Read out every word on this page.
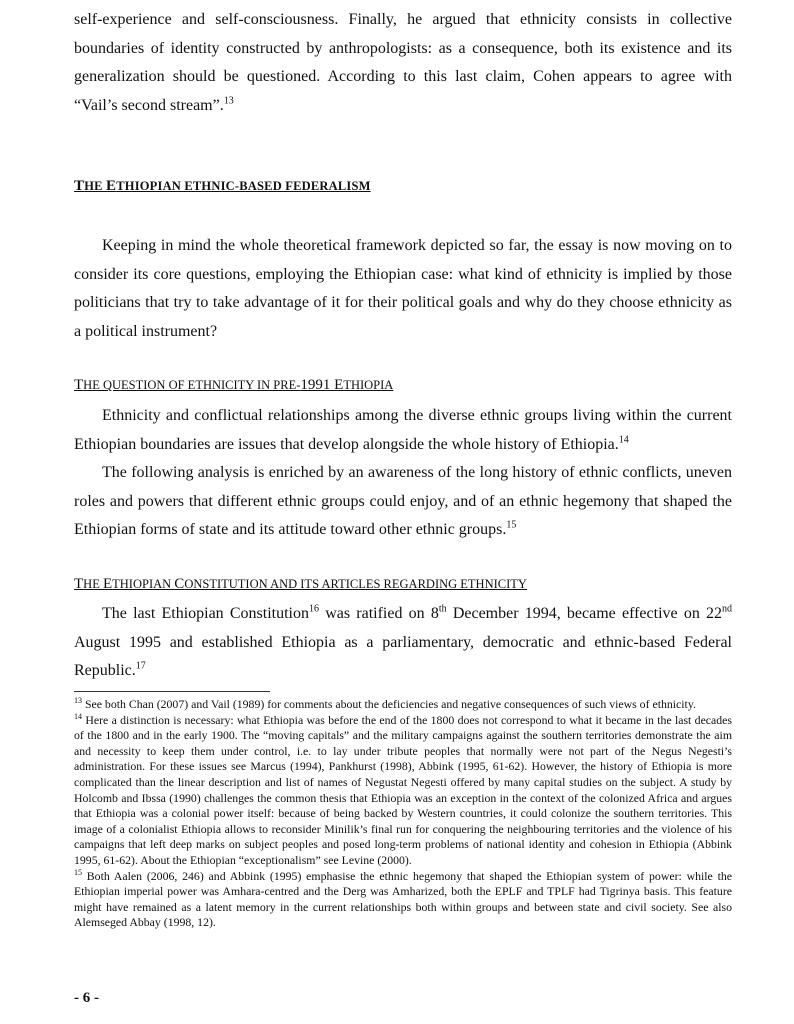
self-experience and self-consciousness. Finally, he argued that ethnicity consists in collective

boundaries of identity constructed by anthropologists: as a consequence, both its existence and its

generalization should be questioned. According to this last claim, Cohen appears to agree with

“Vail’s second stream”.$^{13}$

THE ETHIOPIAN ETHNIC-BASED FEDERALISM

Keeping in mind the whole theoretical framework depicted so far, the essay is now moving on to consider its core questions, employing the Ethiopian case: what kind of ethnicity is implied by those politicians that try to take advantage of it for their political goals and why do they choose ethnicity as a political instrument?

THE QUESTION OF ETHNICITY IN PRE-1991 ETHIOPIA

Ethnicity and conflictual relationships among the diverse ethnic groups living within the current Ethiopian boundaries are issues that develop alongside the whole history of Ethiopia.$^{14}$

The following analysis is enriched by an awareness of the long history of ethnic conflicts, uneven roles and powers that different ethnic groups could enjoy, and of an ethnic hegemony that shaped the Ethiopian forms of state and its attitude toward other ethnic groups.$^{15}$

THE ETHIOPIAN CONSTITUTION AND ITS ARTICLES REGARDING ETHNICITY

The last Ethiopian Constitution$^{16}$ was ratified on 8th December 1994, became effective on 22nd August 1995 and established Ethiopia as a parliamentary, democratic and ethnic-based Federal Republic.$^{17}$

$^{13}$ See both Chan (2007) and Vail (1989) for comments about the deficiencies and negative consequences of such views of ethnicity.

$^{14}$ Here a distinction is necessary: what Ethiopia was before the end of the 1800 does not correspond to what it became in the last decades of the 1800 and in the early 1900. The “moving capitals” and the military campaigns against the southern territories demonstrate the aim and necessity to keep them under control, i.e. to lay under tribute peoples that normally were not part of the Negus Negesti’s administration. For these issues see Marcus (1994), Pankhurst (1998), Abbink (1995, 61-62). However, the history of Ethiopia is more complicated than the linear description and list of names of Negustat Negesti offered by many capital studies on the subject. A study by Holcomb and Ibssa (1990) challenges the common thesis that Ethiopia was an exception in the context of the colonized Africa and argues that Ethiopia was a colonial power itself: because of being backed by Western countries, it could colonize the southern territories. This image of a colonialist Ethiopia allows to reconsider Minilik’s final run for conquering the neighbouring territories and the violence of his campaigns that left deep marks on subject peoples and posed long-term problems of national identity and cohesion in Ethiopia (Abbink 1995, 61-62). About the Ethiopian “exceptionalism” see Levine (2000).

$^{15}$ Both Aalen (2006, 246) and Abbink (1995) emphasise the ethnic hegemony that shaped the Ethiopian system of power: while the Ethiopian imperial power was Amhara-centred and the Derg was Amharized, both the EPLF and TPLF had Tigrinya basis. This feature might have remained as a latent memory in the current relationships both within groups and between state and civil society. See also Alemseged Abbay (1998, 12).

- 6 -
